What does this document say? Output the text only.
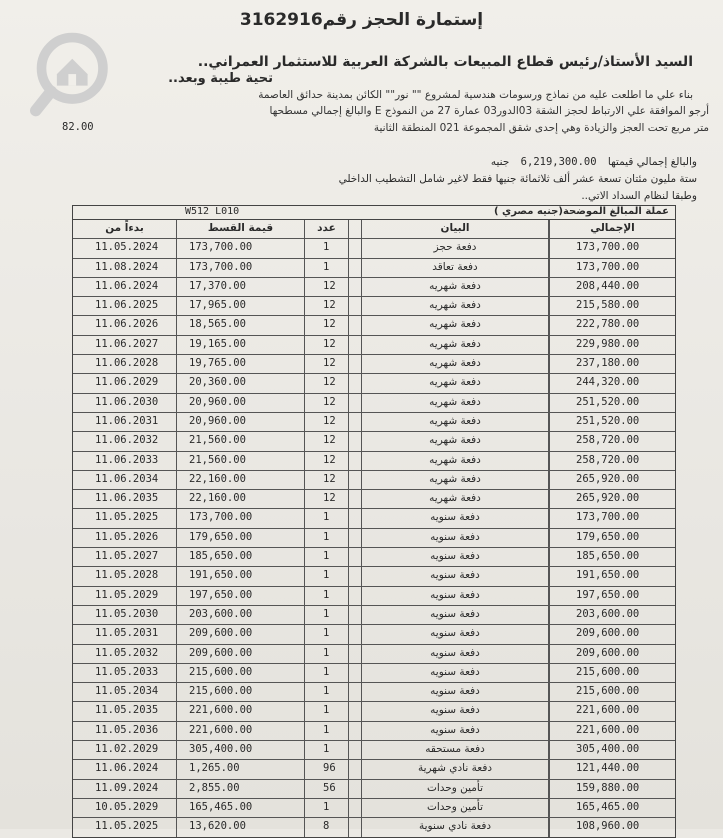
إستمارة الحجز رقم3162916
السيد الأستاذ/رئيس قطاع المبيعات بالشركة العربية للاستثمار العمراني..
تحية طيبة وبعد..
بناء علي ما اطلعت عليه من نماذج ورسومات هندسية لمشروع "" نور"" الكائن بمدينة حدائق العاصمة
أرجو الموافقة علي الارتباط لحجز الشقة 03الدور03 عمارة 27 من النموذج E والبالغ إجمالي مسطحها
متر مربع تحت العجز والزيادة وهي إحدى شقق المجموعة 021 المنطقة الثانية
82.00
والبالغ إجمالي قيمتها 6,219,300.00 جنيه
ستة مليون مئتان تسعة عشر ألف ثلاثمائة جنيها فقط لاغير شامل التشطيب الداخلي
وطبقا لنظام السداد الاتي..
عملة المبالغ الموضحة(جنيه مصري )
W512 L010
بدءاً من	قيمة القسط	عدد	البيان	الإجمالي
11.05.2024	173,700.00	1	دفعة حجز	173,700.00
11.08.2024	173,700.00	1	دفعة تعاقد	173,700.00
11.06.2024	17,370.00	12	دفعة شهريه	208,440.00
11.06.2025	17,965.00	12	دفعة شهريه	215,580.00
11.06.2026	18,565.00	12	دفعة شهريه	222,780.00
11.06.2027	19,165.00	12	دفعة شهريه	229,980.00
11.06.2028	19,765.00	12	دفعة شهريه	237,180.00
11.06.2029	20,360.00	12	دفعة شهريه	244,320.00
11.06.2030	20,960.00	12	دفعة شهريه	251,520.00
11.06.2031	20,960.00	12	دفعة شهريه	251,520.00
11.06.2032	21,560.00	12	دفعة شهريه	258,720.00
11.06.2033	21,560.00	12	دفعة شهريه	258,720.00
11.06.2034	22,160.00	12	دفعة شهريه	265,920.00
11.06.2035	22,160.00	12	دفعة شهريه	265,920.00
11.05.2025	173,700.00	1	دفعة سنويه	173,700.00
11.05.2026	179,650.00	1	دفعة سنويه	179,650.00
11.05.2027	185,650.00	1	دفعة سنويه	185,650.00
11.05.2028	191,650.00	1	دفعة سنويه	191,650.00
11.05.2029	197,650.00	1	دفعة سنويه	197,650.00
11.05.2030	203,600.00	1	دفعة سنويه	203,600.00
11.05.2031	209,600.00	1	دفعة سنويه	209,600.00
11.05.2032	209,600.00	1	دفعة سنويه	209,600.00
11.05.2033	215,600.00	1	دفعة سنويه	215,600.00
11.05.2034	215,600.00	1	دفعة سنويه	215,600.00
11.05.2035	221,600.00	1	دفعة سنويه	221,600.00
11.05.2036	221,600.00	1	دفعة سنويه	221,600.00
11.02.2029	305,400.00	1	دفعة مستحقه	305,400.00
11.06.2024	1,265.00	96	دفعة نادي شهرية	121,440.00
11.09.2024	2,855.00	56	تأمين وحدات	159,880.00
10.05.2029	165,465.00	1	تأمين وحدات	165,465.00
11.05.2025	13,620.00	8	دفعة نادي سنوية	108,960.00
